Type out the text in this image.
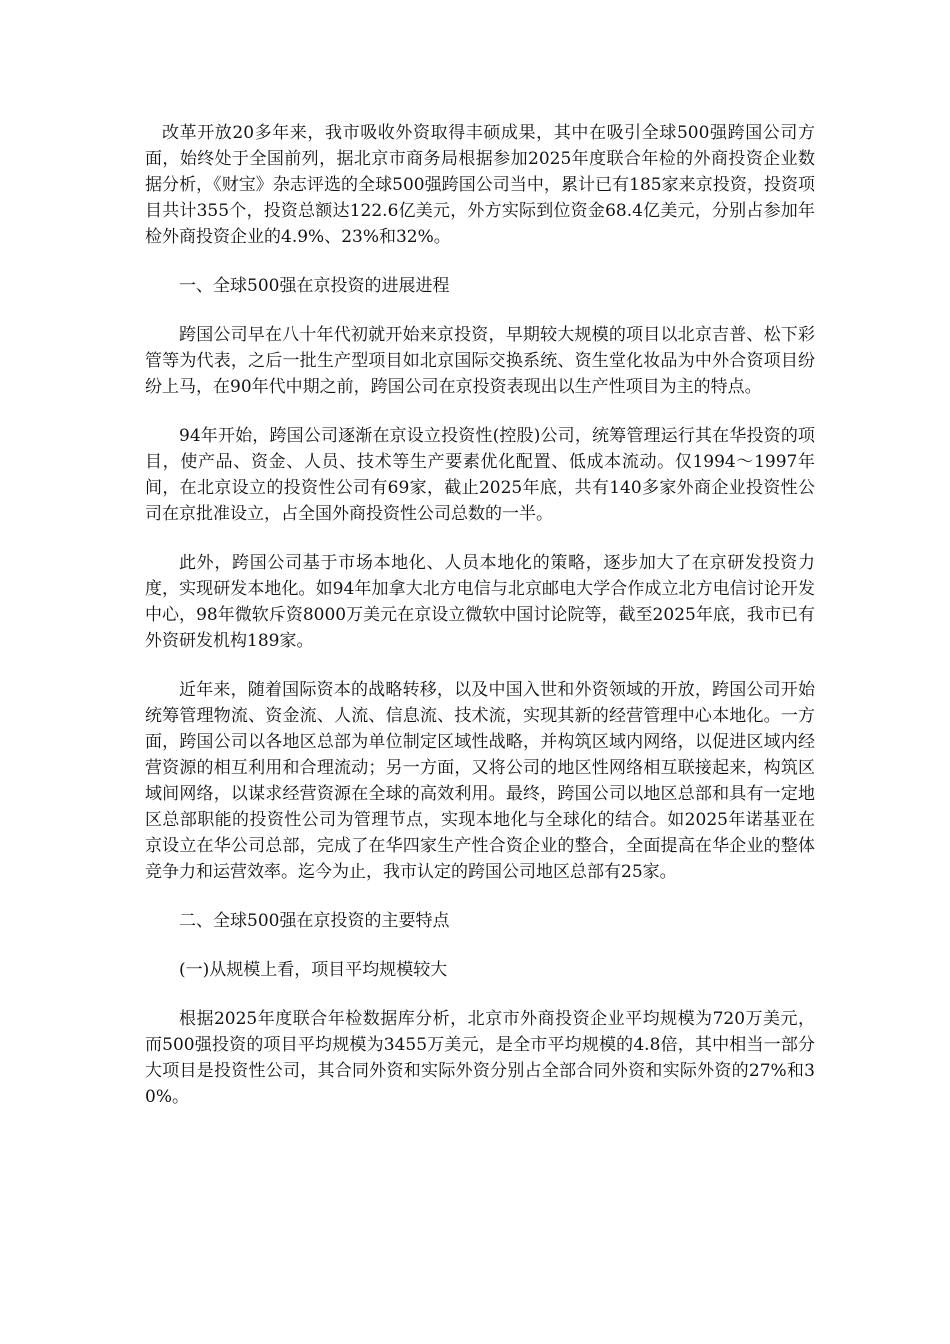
改革开放20多年来，我市吸收外资取得丰硕成果，其中在吸引全球500强跨国公司方面，始终处于全国前列，据北京市商务局根据参加2025年度联合年检的外商投资企业数据分析，《财宝》杂志评选的全球500强跨国公司当中，累计已有185家来京投资，投资项目共计355个，投资总额达122.6亿美元，外方实际到位资金68.4亿美元，分别占参加年检外商投资企业的4.9%、23%和32%。

一、全球500强在京投资的进展进程

跨国公司早在八十年代初就开始来京投资，早期较大规模的项目以北京吉普、松下彩管等为代表，之后一批生产型项目如北京国际交换系统、资生堂化妆品为中外合资项目纷纷上马，在90年代中期之前，跨国公司在京投资表现出以生产性项目为主的特点。

94年开始，跨国公司逐渐在京设立投资性(控股)公司，统筹管理运行其在华投资的项目，使产品、资金、人员、技术等生产要素优化配置、低成本流动。仅1994～1997年间，在北京设立的投资性公司有69家，截止2025年底，共有140多家外商企业投资性公司在京批准设立，占全国外商投资性公司总数的一半。

此外，跨国公司基于市场本地化、人员本地化的策略，逐步加大了在京研发投资力度，实现研发本地化。如94年加拿大北方电信与北京邮电大学合作成立北方电信讨论开发中心，98年微软斥资8000万美元在京设立微软中国讨论院等，截至2025年底，我市已有外资研发机构189家。

近年来，随着国际资本的战略转移，以及中国入世和外资领域的开放，跨国公司开始统筹管理物流、资金流、人流、信息流、技术流，实现其新的经营管理中心本地化。一方面，跨国公司以各地区总部为单位制定区域性战略，并构筑区域内网络，以促进区域内经营资源的相互利用和合理流动；另一方面，又将公司的地区性网络相互联接起来，构筑区域间网络，以谋求经营资源在全球的高效利用。最终，跨国公司以地区总部和具有一定地区总部职能的投资性公司为管理节点，实现本地化与全球化的结合。如2025年诺基亚在京设立在华公司总部，完成了在华四家生产性合资企业的整合，全面提高在华企业的整体竞争力和运营效率。迄今为止，我市认定的跨国公司地区总部有25家。

二、全球500强在京投资的主要特点

(一)从规模上看，项目平均规模较大

根据2025年度联合年检数据库分析，北京市外商投资企业平均规模为720万美元，而500强投资的项目平均规模为3455万美元，是全市平均规模的4.8倍，其中相当一部分大项目是投资性公司，其合同外资和实际外资分别占全部合同外资和实际外资的27%和30%。
